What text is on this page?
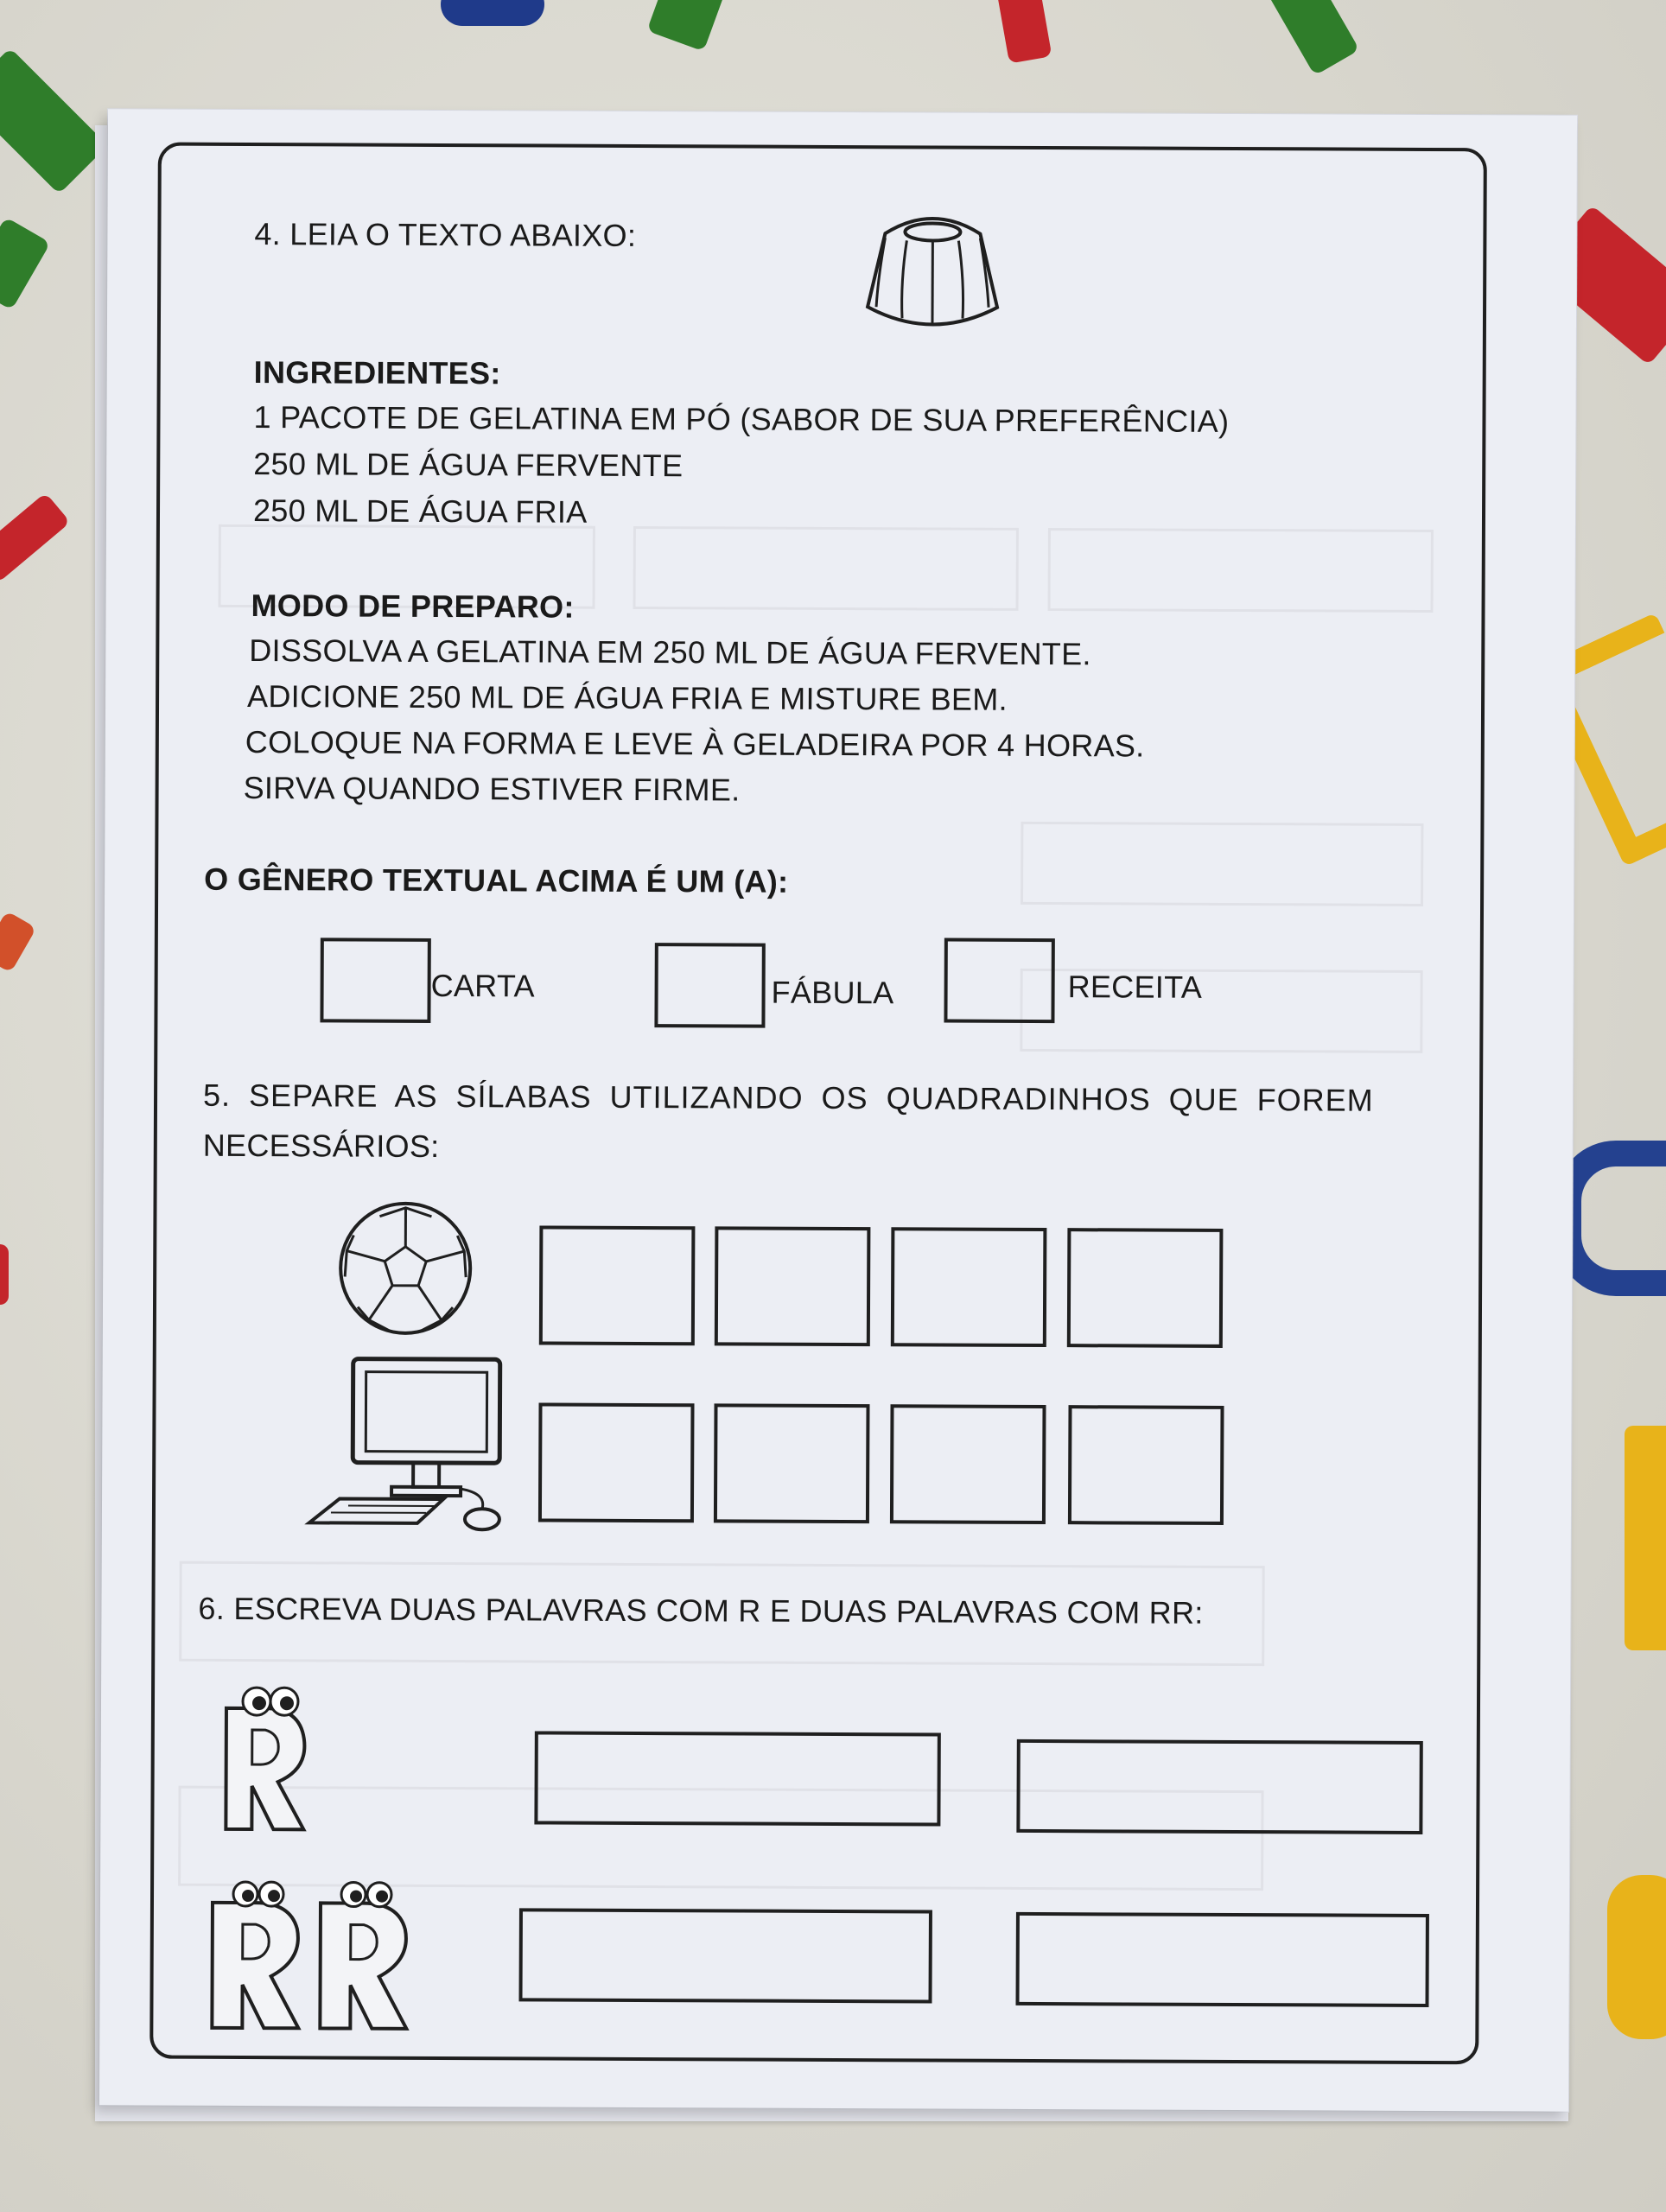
4. LEIA O TEXTO ABAIXO:
INGREDIENTES:
1 PACOTE DE GELATINA EM PÓ (SABOR DE SUA PREFERÊNCIA)
250 ML DE ÁGUA FERVENTE
250 ML DE ÁGUA FRIA
MODO DE PREPARO:
DISSOLVA A GELATINA EM 250 ML DE ÁGUA FERVENTE.
ADICIONE 250 ML DE ÁGUA FRIA E MISTURE BEM.
COLOQUE NA FORMA E LEVE À GELADEIRA POR 4 HORAS.
SIRVA QUANDO ESTIVER FIRME.
O GÊNERO TEXTUAL ACIMA É UM (A):
CARTA	FÁBULA	RECEITA
5. SEPARE AS SÍLABAS UTILIZANDO OS QUADRADINHOS QUE FOREM
NECESSÁRIOS:
6. ESCREVA DUAS PALAVRAS COM R E DUAS PALAVRAS COM RR:
